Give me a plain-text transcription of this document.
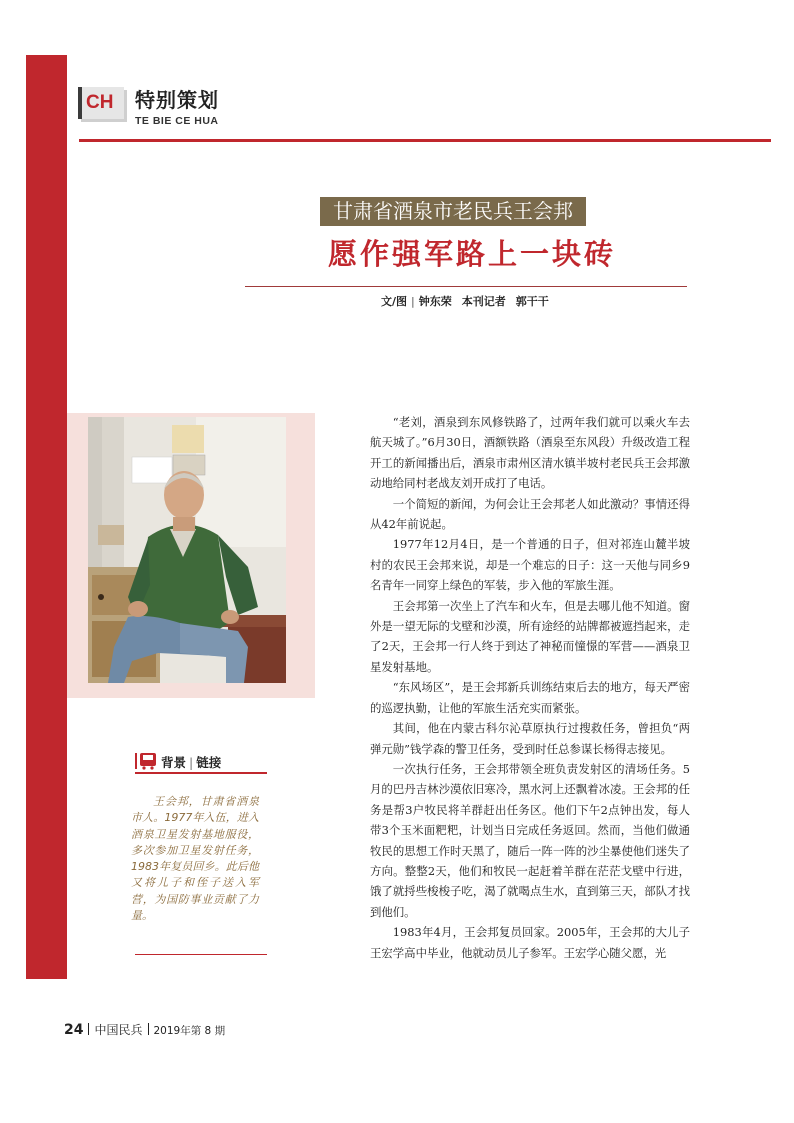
CH	特别策划
TE BIE CE HUA
甘肃省酒泉市老民兵王会邦
愿作强军路上一块砖
文/图 | 钟东荣 本刊记者 郭干干
背景 | 链接
王会邦，甘肃省酒泉市人。1977年入伍，进入酒泉卫星发射基地服役，多次参加卫星发射任务，1983年复员回乡。此后他又将儿子和侄子送入军营，为国防事业贡献了力量。

“老刘，酒泉到东风修铁路了，过两年我们就可以乘火车去航天城了。”6月30日，酒额铁路（酒泉至东风段）升级改造工程开工的新闻播出后，酒泉市肃州区清水镇半坡村老民兵王会邦激动地给同村老战友刘开成打了电话。

一个简短的新闻，为何会让王会邦老人如此激动？事情还得从42年前说起。

1977年12月4日，是一个普通的日子，但对祁连山麓半坡村的农民王会邦来说，却是一个难忘的日子：这一天他与同乡9名青年一同穿上绿色的军装，步入他的军旅生涯。

王会邦第一次坐上了汽车和火车，但是去哪儿他不知道。窗外是一望无际的戈壁和沙漠，所有途经的站牌都被遮挡起来，走了2天，王会邦一行人终于到达了神秘而憧憬的军营——酒泉卫星发射基地。

“东风场区”，是王会邦新兵训练结束后去的地方，每天严密的巡逻执勤，让他的军旅生活充实而紧张。

其间，他在内蒙古科尔沁草原执行过搜救任务，曾担负“两弹元勋”钱学森的警卫任务，受到时任总参谋长杨得志接见。

一次执行任务，王会邦带领全班负责发射区的清场任务。5月的巴丹吉林沙漠依旧寒冷，黑水河上还飘着冰凌。王会邦的任务是帮3户牧民将羊群赶出任务区。他们下午2点钟出发，每人带3个玉米面粑粑，计划当日完成任务返回。然而，当他们做通牧民的思想工作时天黑了，随后一阵一阵的沙尘暴使他们迷失了方向。整整2天，他们和牧民一起赶着羊群在茫茫戈壁中行进，饿了就捋些梭梭子吃，渴了就喝点生水，直到第三天，部队才找到他们。

1983年4月，王会邦复员回家。2005年，王会邦的大儿子王宏学高中毕业，他就动员儿子参军。王宏学心随父愿，光

24 中国民兵 2019年第 8 期
